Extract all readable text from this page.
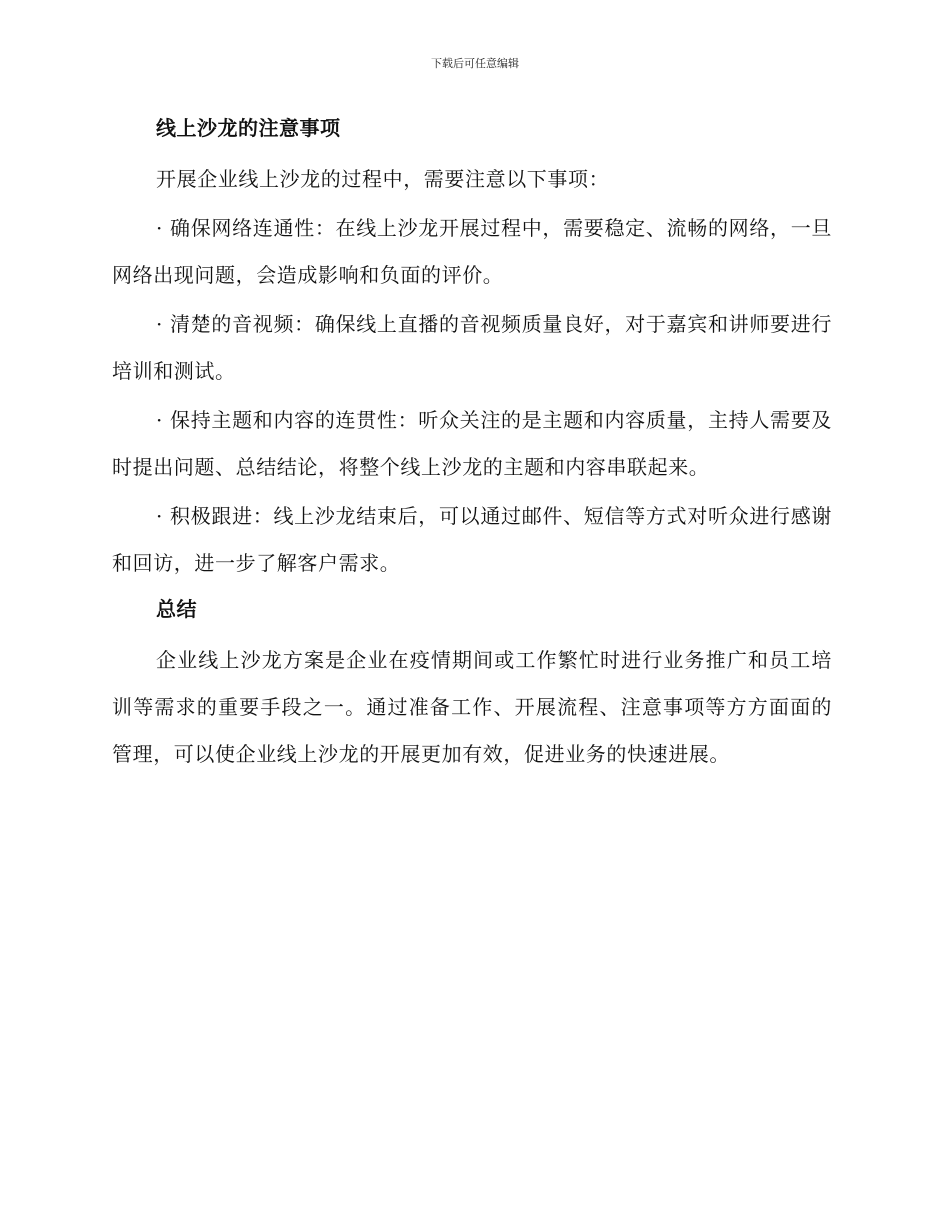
下载后可任意编辑
线上沙龙的注意事项

开展企业线上沙龙的过程中，需要注意以下事项：

· 确保网络连通性：在线上沙龙开展过程中，需要稳定、流畅的网络，一旦网络出现问题，会造成影响和负面的评价。

· 清楚的音视频：确保线上直播的音视频质量良好，对于嘉宾和讲师要进行培训和测试。

· 保持主题和内容的连贯性：听众关注的是主题和内容质量，主持人需要及时提出问题、总结结论，将整个线上沙龙的主题和内容串联起来。

· 积极跟进：线上沙龙结束后，可以通过邮件、短信等方式对听众进行感谢和回访，进一步了解客户需求。

总结

企业线上沙龙方案是企业在疫情期间或工作繁忙时进行业务推广和员工培训等需求的重要手段之一。通过准备工作、开展流程、注意事项等方方面面的管理，可以使企业线上沙龙的开展更加有效，促进业务的快速进展。
